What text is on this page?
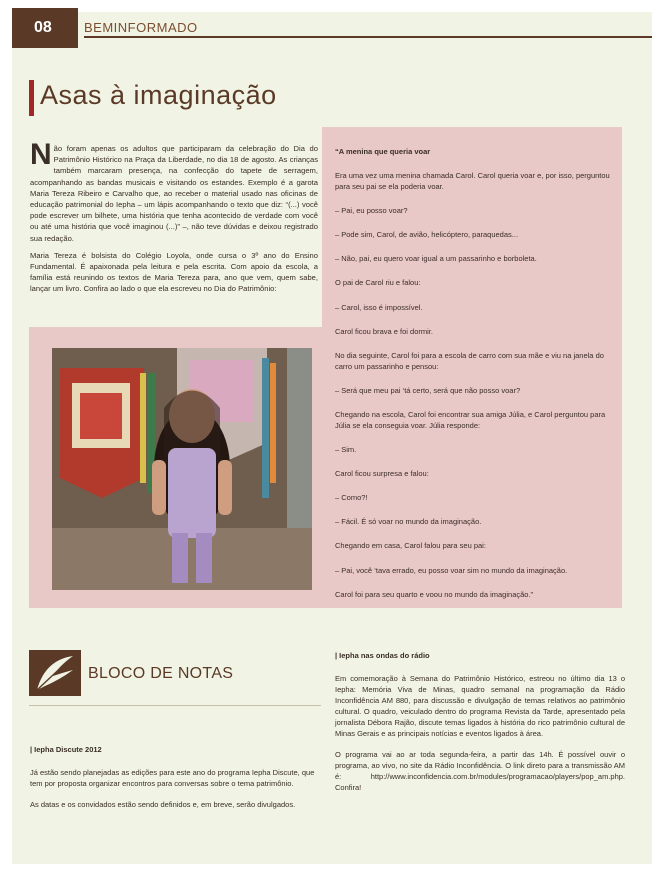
08	BEMINFORMADO
Asas à imaginação

Não foram apenas os adultos que participaram da celebração do Dia do Patrimônio Histórico na Praça da Liberdade, no dia 18 de agosto. As crianças também marcaram presença, na confecção do tapete de serragem, acompanhando as bandas musicais e visitando os estandes. Exemplo é a garota Maria Tereza Ribeiro e Carvalho que, ao receber o material usado nas oficinas de educação patrimonial do Iepha – um lápis acompanhando o texto que diz: “(...) você pode escrever um bilhete, uma história que tenha acontecido de verdade com você ou até uma história que você imaginou (...)” –, não teve dúvidas e deixou registrado sua redação.

Maria Tereza é bolsista do Colégio Loyola, onde cursa o 3º ano do Ensino Fundamental. É apaixonada pela leitura e pela escrita. Com apoio da escola, a família está reunindo os textos de Maria Tereza para, ano que vem, quem sabe, lançar um livro. Confira ao lado o que ela escreveu no Dia do Patrimônio:

“A menina que queria voar

Era uma vez uma menina chamada Carol. Carol queria voar e, por isso, perguntou para seu pai se ela poderia voar.

– Pai, eu posso voar?

– Pode sim, Carol, de avião, helicóptero, paraquedas...

– Não, pai, eu quero voar igual a um passarinho e borboleta.

O pai de Carol riu e falou:

– Carol, isso é impossível.

Carol ficou brava e foi dormir.

No dia seguinte, Carol foi para a escola de carro com sua mãe e viu na janela do carro um passarinho e pensou:

– Será que meu pai ‘tá certo, será que não posso voar?

Chegando na escola, Carol foi encontrar sua amiga Júlia, e Carol perguntou para Júlia se ela conseguia voar. Júlia responde:

– Sim.

Carol ficou surpresa e falou:

– Como?!

– Fácil. É só voar no mundo da imaginação.

Chegando em casa, Carol falou para seu pai:

– Pai, você ‘tava errado, eu posso voar sim no mundo da imaginação.

Carol foi para seu quarto e voou no mundo da imaginação.”

BLOCO DE NOTAS

| Iepha Discute 2012

Já estão sendo planejadas as edições para este ano do programa Iepha Discute, que tem por proposta organizar encontros para conversas sobre o tema patrimônio.

As datas e os convidados estão sendo definidos e, em breve, serão divulgados.

| Iepha nas ondas do rádio

Em comemoração à Semana do Patrimônio Histórico, estreou no último dia 13 o Iepha: Memória Viva de Minas, quadro semanal na programação da Rádio Inconfidência AM 880, para discussão e divulgação de temas relativos ao patrimônio cultural. O quadro, veiculado dentro do programa Revista da Tarde, apresentado pela jornalista Débora Rajão, discute temas ligados à história do rico patrimônio cultural de Minas Gerais e as principais notícias e eventos ligados à área.

O programa vai ao ar toda segunda-feira, a partir das 14h. É possível ouvir o programa, ao vivo, no site da Rádio Inconfidência. O link direto para a transmissão AM é: http://www.inconfidencia.com.br/modules/programacao/players/pop_am.php. Confira!
